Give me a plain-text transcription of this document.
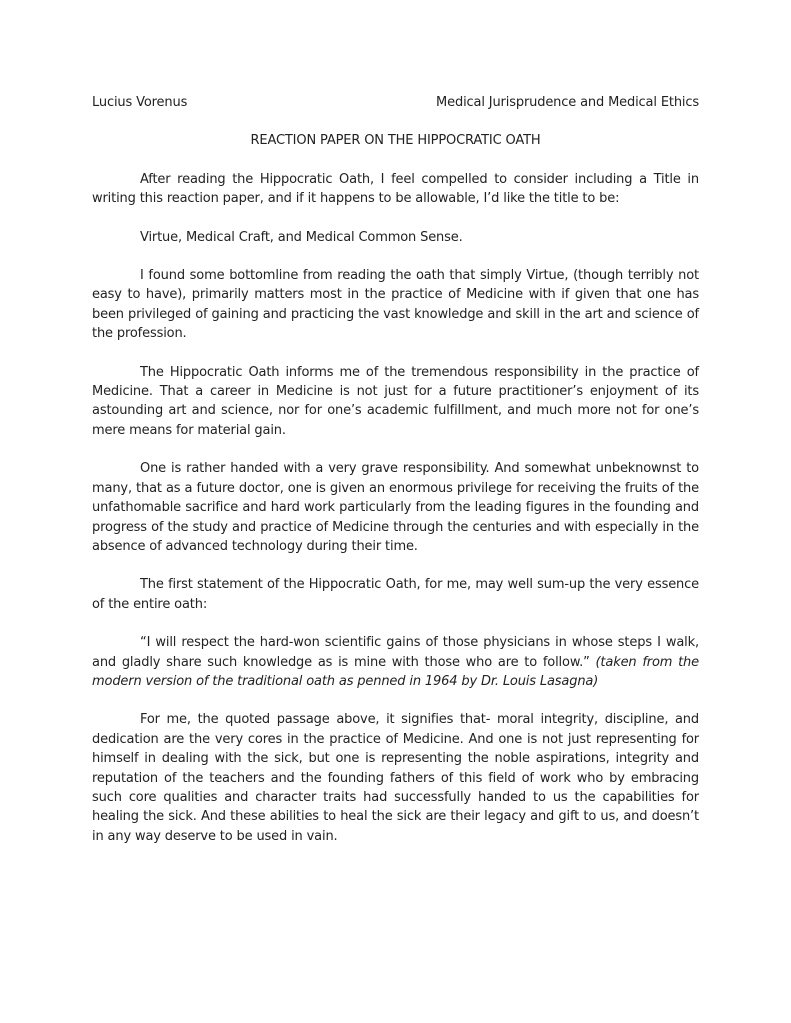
Lucius Vorenus	Medical Jurisprudence and Medical Ethics
REACTION PAPER ON THE HIPPOCRATIC OATH

After reading the Hippocratic Oath, I feel compelled to consider including a Title in writing this reaction paper, and if it happens to be allowable, I’d like the title to be:

Virtue, Medical Craft, and Medical Common Sense.

I found some bottomline from reading the oath that simply Virtue, (though terribly not easy to have), primarily matters most in the practice of Medicine with if given that one has been privileged of gaining and practicing the vast knowledge and skill in the art and science of the profession.

The Hippocratic Oath informs me of the tremendous responsibility in the practice of Medicine. That a career in Medicine is not just for a future practitioner’s enjoyment of its astounding art and science, nor for one’s academic fulfillment, and much more not for one’s mere means for material gain.

One is rather handed with a very grave responsibility. And somewhat unbeknownst to many, that as a future doctor, one is given an enormous privilege for receiving the fruits of the unfathomable sacrifice and hard work particularly from the leading figures in the founding and progress of the study and practice of Medicine through the centuries and with especially in the absence of advanced technology during their time.

The first statement of the Hippocratic Oath, for me, may well sum-up the very essence of the entire oath:

“I will respect the hard-won scientific gains of those physicians in whose steps I walk, and gladly share such knowledge as is mine with those who are to follow.” (taken from the modern version of the traditional oath as penned in 1964 by Dr. Louis Lasagna)

For me, the quoted passage above, it signifies that- moral integrity, discipline, and dedication are the very cores in the practice of Medicine. And one is not just representing for himself in dealing with the sick, but one is representing the noble aspirations, integrity and reputation of the teachers and the founding fathers of this field of work who by embracing such core qualities and character traits had successfully handed to us the capabilities for healing the sick. And these abilities to heal the sick are their legacy and gift to us, and doesn’t in any way deserve to be used in vain.
